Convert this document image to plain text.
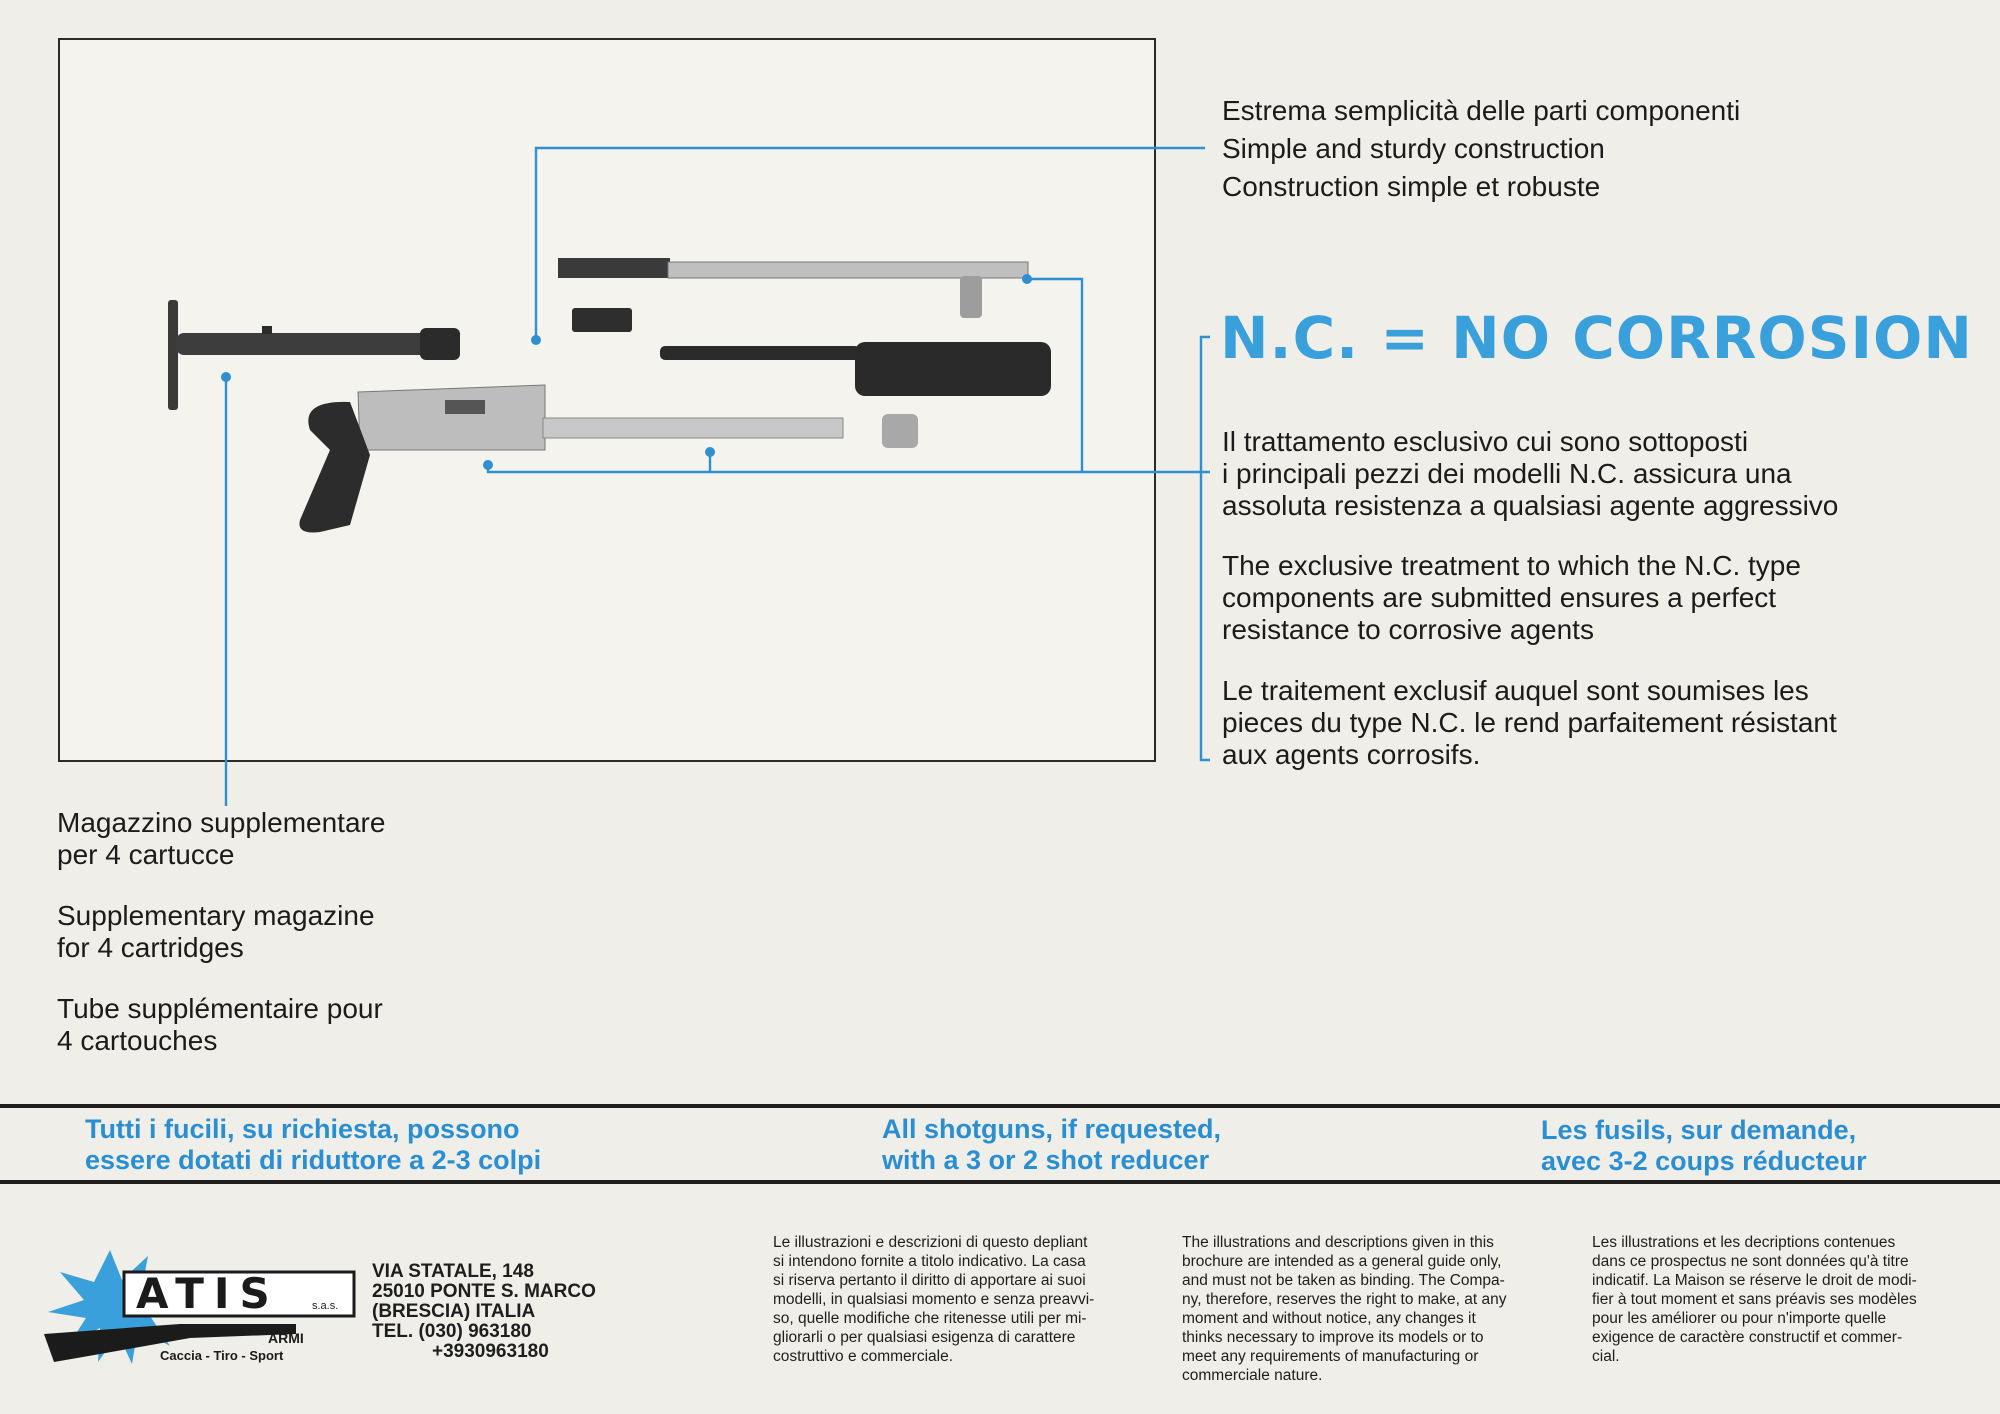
Estrema semplicità delle parti componenti
Simple and sturdy construction
Construction simple et robuste
N.C. = NO CORROSION
Il trattamento esclusivo cui sono sottoposti
i principali pezzi dei modelli N.C. assicura una
assoluta resistenza a qualsiasi agente aggressivo
The exclusive treatment to which the N.C. type
components are submitted ensures a perfect
resistance to corrosive agents
Le traitement exclusif auquel sont soumises les
pieces du type N.C. le rend parfaitement résistant
aux agents corrosifs.
Magazzino supplementare
per 4 cartucce
Supplementary magazine
for 4 cartridges
Tube supplémentaire pour
4 cartouches
Tutti i fucili, su richiesta, possono
essere dotati di riduttore a 2-3 colpi
All shotguns, if requested,
with a 3 or 2 shot reducer
Les fusils, sur demande,
avec 3-2 coups réducteur
ATIS	s.a.s.
ARMI
Caccia - Tiro - Sport
VIA STATALE, 148
25010 PONTE S. MARCO
(BRESCIA) ITALIA
TEL. (030) 963180
+3930963180
Le illustrazioni e descrizioni di questo depliant
si intendono fornite a titolo indicativo. La casa
si riserva pertanto il diritto di apportare ai suoi
modelli, in qualsiasi momento e senza preavvi-
so, quelle modifiche che ritenesse utili per mi-
gliorarli o per qualsiasi esigenza di carattere
costruttivo e commerciale.
The illustrations and descriptions given in this
brochure are intended as a general guide only,
and must not be taken as binding. The Compa-
ny, therefore, reserves the right to make, at any
moment and without notice, any changes it
thinks necessary to improve its models or to
meet any requirements of manufacturing or
commerciale nature.
Les illustrations et les decriptions contenues
dans ce prospectus ne sont données qu'à titre
indicatif. La Maison se réserve le droit de modi-
fier à tout moment et sans préavis ses modèles
pour les améliorer ou pour n'importe quelle
exigence de caractère constructif et commer-
cial.
